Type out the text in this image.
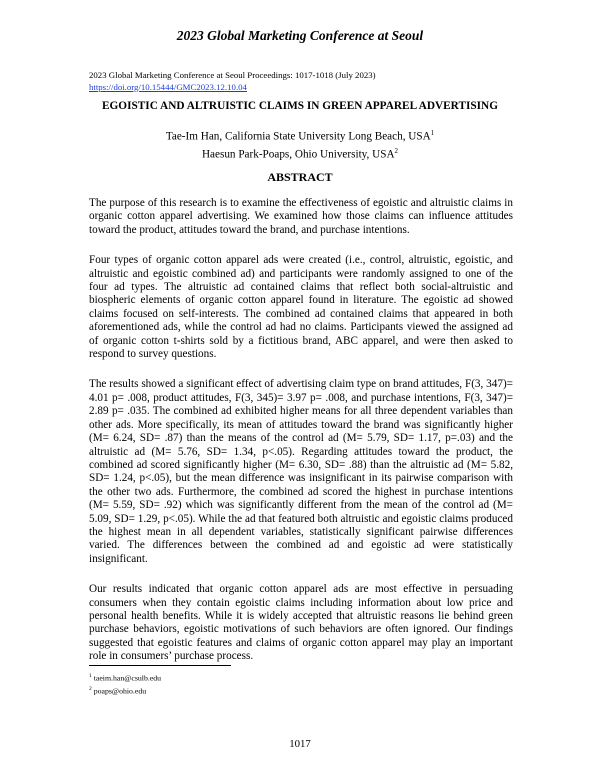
2023 Global Marketing Conference at Seoul
2023 Global Marketing Conference at Seoul Proceedings: 1017-1018 (July 2023)
https://doi.org/10.15444/GMC2023.12.10.04
EGOISTIC AND ALTRUISTIC CLAIMS IN GREEN APPAREL ADVERTISING
Tae-Im Han, California State University Long Beach, USA$^1$
Haesun Park-Poaps, Ohio University, USA$^2$
ABSTRACT

The purpose of this research is to examine the effectiveness of egoistic and altruistic claims in organic cotton apparel advertising. We examined how those claims can influence attitudes toward the product, attitudes toward the brand, and purchase intentions.

Four types of organic cotton apparel ads were created (i.e., control, altruistic, egoistic, and altruistic and egoistic combined ad) and participants were randomly assigned to one of the four ad types. The altruistic ad contained claims that reflect both social-altruistic and biospheric elements of organic cotton apparel found in literature. The egoistic ad showed claims focused on self-interests. The combined ad contained claims that appeared in both aforementioned ads, while the control ad had no claims. Participants viewed the assigned ad of organic cotton t-shirts sold by a fictitious brand, ABC apparel, and were then asked to respond to survey questions.

The results showed a significant effect of advertising claim type on brand attitudes, F(3, 347)= 4.01 p= .008, product attitudes, F(3, 345)= 3.97 p= .008, and purchase intentions, F(3, 347)= 2.89 p= .035. The combined ad exhibited higher means for all three dependent variables than other ads. More specifically, its mean of attitudes toward the brand was significantly higher (M= 6.24, SD= .87) than the means of the control ad (M= 5.79, SD= 1.17, p=.03) and the altruistic ad (M= 5.76, SD= 1.34, p<.05). Regarding attitudes toward the product, the combined ad scored significantly higher (M= 6.30, SD= .88) than the altruistic ad (M= 5.82, SD= 1.24, p<.05), but the mean difference was insignificant in its pairwise comparison with the other two ads. Furthermore, the combined ad scored the highest in purchase intentions (M= 5.59, SD= .92) which was significantly different from the mean of the control ad (M= 5.09, SD= 1.29, p<.05). While the ad that featured both altruistic and egoistic claims produced the highest mean in all dependent variables, statistically significant pairwise differences varied. The differences between the combined ad and egoistic ad were statistically insignificant.

Our results indicated that organic cotton apparel ads are most effective in persuading consumers when they contain egoistic claims including information about low price and personal health benefits. While it is widely accepted that altruistic reasons lie behind green purchase behaviors, egoistic motivations of such behaviors are often ignored. Our findings suggested that egoistic features and claims of organic cotton apparel may play an important role in consumers’ purchase process.

$^1$ taeim.han@csulb.edu
$^2$ poaps@ohio.edu
1017
